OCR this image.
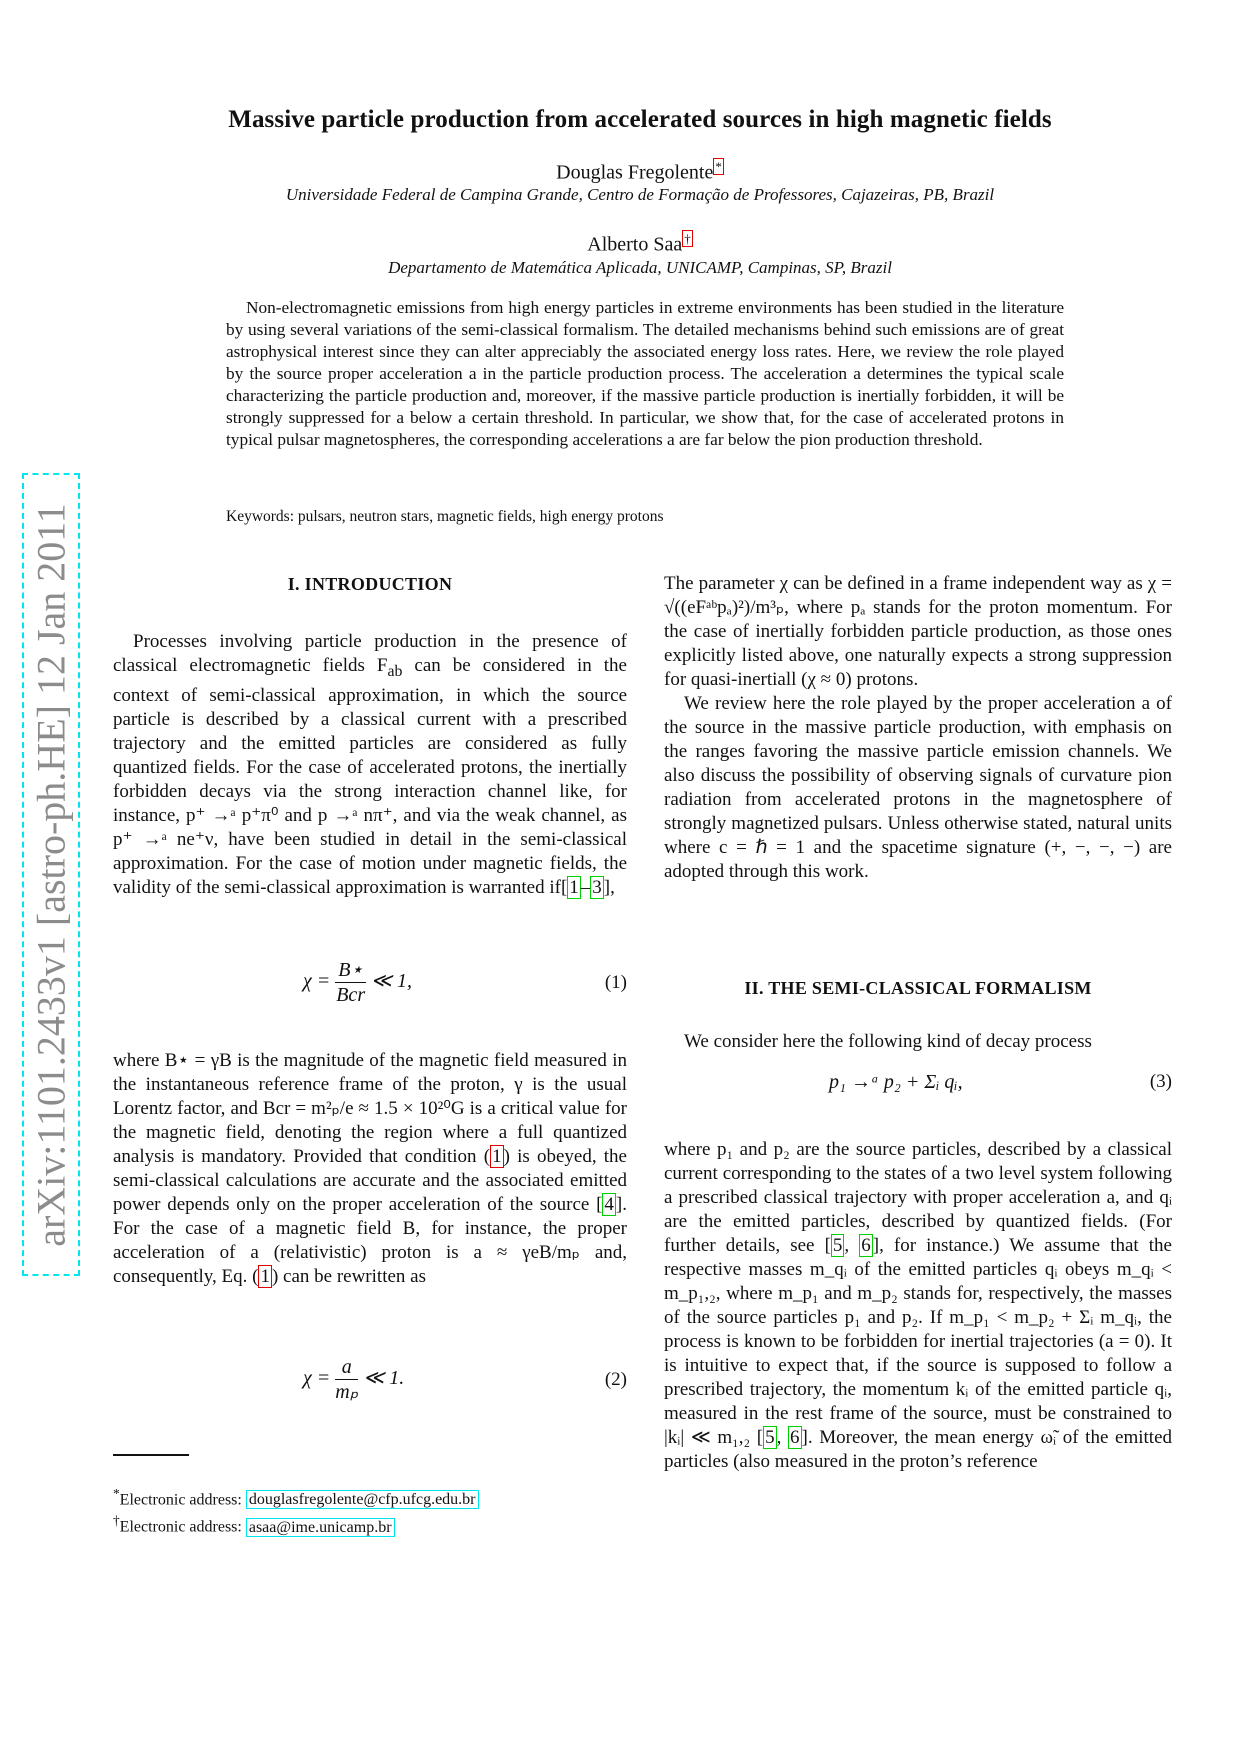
arXiv:1101.2433v1 [astro-ph.HE] 12 Jan 2011
Massive particle production from accelerated sources in high magnetic fields
Douglas Fregolente *
Universidade Federal de Campina Grande, Centro de Formação de Professores, Cajazeiras, PB, Brazil
Alberto Saa †
Departamento de Matemática Aplicada, UNICAMP, Campinas, SP, Brazil
Non-electromagnetic emissions from high energy particles in extreme environments has been studied in the literature by using several variations of the semi-classical formalism. The detailed mechanisms behind such emissions are of great astrophysical interest since they can alter appreciably the associated energy loss rates. Here, we review the role played by the source proper acceleration a in the particle production process. The acceleration a determines the typical scale characterizing the particle production and, moreover, if the massive particle production is inertially forbidden, it will be strongly suppressed for a below a certain threshold. In particular, we show that, for the case of accelerated protons in typical pulsar magnetospheres, the corresponding accelerations a are far below the pion production threshold.
Keywords: pulsars, neutron stars, magnetic fields, high energy protons
I. INTRODUCTION

Processes involving particle production in the presence of classical electromagnetic fields $F_{ab}$ can be considered in the context of semi-classical approximation, in which the source particle is described by a classical current with a prescribed trajectory and the emitted particles are considered as fully quantized fields. For the case of accelerated protons, the inertially forbidden decays via the strong interaction channel like, for instance, p⁺ →ᵃ p⁺π⁰ and p →ᵃ nπ⁺, and via the weak channel, as p⁺ →ᵃ ne⁺ν, have been studied in detail in the semi-classical approximation. For the case of motion under magnetic fields, the validity of the semi-classical approximation is warranted if[ 1 – 3 ],

$\chi = \frac{B⋆}{\text{Bcr}}$ ≪ 1,	(1)

where B⋆ = γB is the magnitude of the magnetic field measured in the instantaneous reference frame of the proton, γ is the usual Lorentz factor, and Bcr = m²ₚ/e ≈ 1.5 × 10²⁰G is a critical value for the magnetic field, denoting the region where a full quantized analysis is mandatory. Provided that condition ( 1 ) is obeyed, the semi-classical calculations are accurate and the associated emitted power depends only on the proper acceleration of the source [ 4 ]. For the case of a magnetic field B, for instance, the proper acceleration of a (relativistic) proton is a ≈ γeB/mₚ and, consequently, Eq. ( 1 ) can be rewritten as

$\chi = \frac{a}{\text{mₚ}}$ ≪ 1.	(2)
*Electronic address: douglasfregolente@cfp.ufcg.edu.br
†Electronic address: asaa@ime.unicamp.br

The parameter χ can be defined in a frame independent way as χ = √((eFᵃᵇpₐ)²)/m³ₚ, where pₐ stands for the proton momentum. For the case of inertially forbidden particle production, as those ones explicitly listed above, one naturally expects a strong suppression for quasi-inertiall (χ ≈ 0) protons.

We review here the role played by the proper acceleration a of the source in the massive particle production, with emphasis on the ranges favoring the massive particle emission channels. We also discuss the possibility of observing signals of curvature pion radiation from accelerated protons in the magnetosphere of strongly magnetized pulsars. Unless otherwise stated, natural units where c = ℏ = 1 and the spacetime signature (+, −, −, −) are adopted through this work.

II. THE SEMI-CLASSICAL FORMALISM

We consider here the following kind of decay process

p₁ →ᵃ p₂ + Σᵢ qᵢ,	(3)

where p₁ and p₂ are the source particles, described by a classical current corresponding to the states of a two level system following a prescribed classical trajectory with proper acceleration a, and qᵢ are the emitted particles, described by quantized fields. (For further details, see [ 5 , 6 ], for instance.) We assume that the respective masses m_qᵢ of the emitted particles qᵢ obeys m_qᵢ < m_p₁,₂, where m_p₁ and m_p₂ stands for, respectively, the masses of the source particles p₁ and p₂. If m_p₁ < m_p₂ + Σᵢ m_qᵢ, the process is known to be forbidden for inertial trajectories (a = 0). It is intuitive to expect that, if the source is supposed to follow a prescribed trajectory, the momentum kᵢ of the emitted particle qᵢ, measured in the rest frame of the source, must be constrained to |kᵢ| ≪ m₁,₂ [ 5 , 6 ]. Moreover, the mean energy ω̃ᵢ of the emitted particles (also measured in the proton’s reference
